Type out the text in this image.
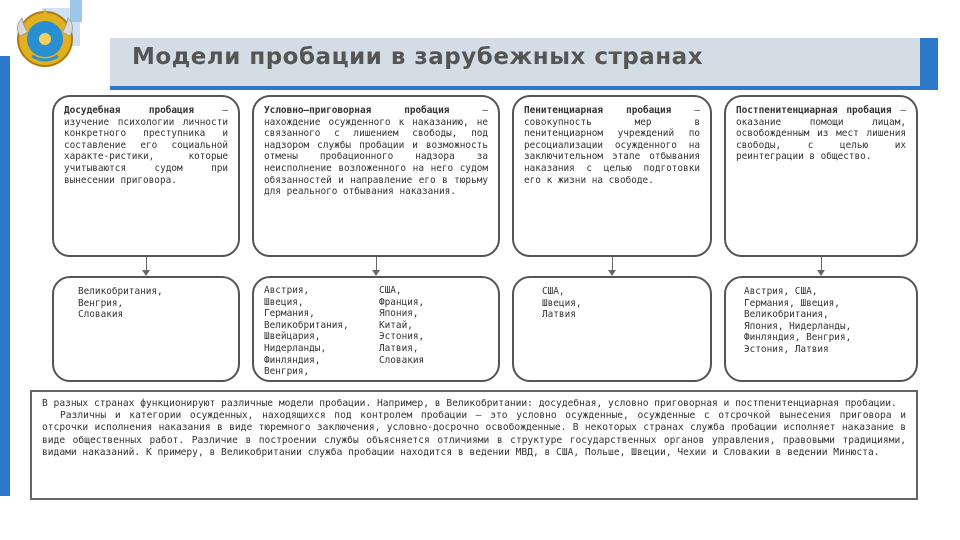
Модели пробации в зарубежных странах
Досудебная пробация – изучение психологии личности конкретного преступника и составление его социальной характе-ристики, которые учитываются судом при вынесении приговора.
Условно–приговорная пробация – нахождение осужденного к наказанию, не связанного с лишением свободы, под надзором службы пробации и возможность отмены пробационного надзора за неисполнение возложенного на него судом обязанностей и направление его в тюрьму для реального отбывания наказания.
Пенитенциарная пробация – совокупность мер в пенитенциарном учреждений по ресоциализации осужденного на заключительном этапе отбывания наказания с целью подготовки его к жизни на свободе.
Постпенитенциарная пробация – оказание помощи лицам, освобожденным из мест лишения свободы, с целью их реинтеграции в общество.
Великобритания,
Венгрия,
Словакия
Австрия,	США,
Швеция,	Франция,
Германия,	Япония,
Великобритания,	Китай,
Швейцария,	Эстония,
Нидерланды,	Латвия,
Финляндия,	Словакия
Венгрия,
США,
Швеция,
Латвия
Австрия, США,
Германия, Швеция,
Великобритания,
Япония, Нидерланды,
Финляндия, Венгрия,
Эстония, Латвия

В разных странах функционируют различные модели пробации. Например, в Великобритании: досудебная, условно приговорная и постпенитенциарная пробации.

Различны и категории осужденных, находящихся под контролем пробации – это условно осужденные, осужденные с отсрочкой вынесения приговора и отсрочки исполнения наказания в виде тюремного заключения, условно-досрочно освобожденные. В некоторых странах служба пробации исполняет наказание в виде общественных работ. Различие в построении службы объясняется отличиями в структуре государственных органов управления, правовыми традициями, видами наказаний. К примеру, в Великобритании служба пробации находится в ведении МВД, в США, Польше, Швеции, Чехии и Словакии в ведении Минюста.
